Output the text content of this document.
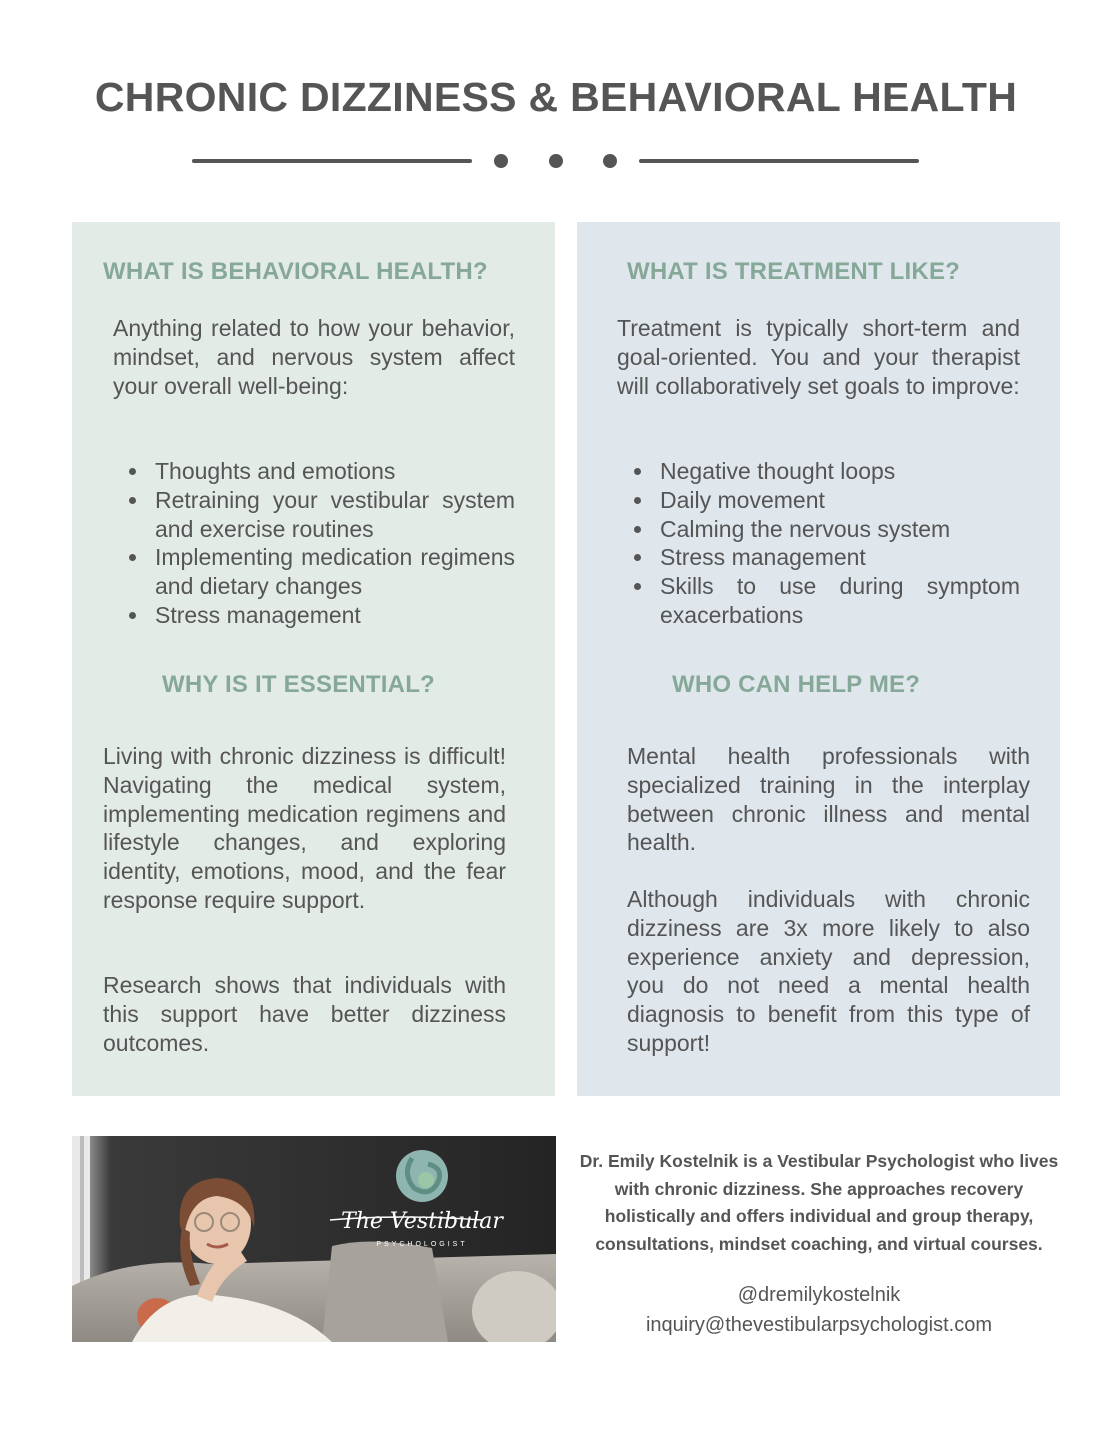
CHRONIC DIZZINESS & BEHAVIORAL HEALTH
WHAT IS BEHAVIORAL HEALTH?

Anything related to how your behavior, mindset, and nervous system affect your overall well-being:

Thoughts and emotions
Retraining your vestibular system and exercise routines
Implementing medication regimens and dietary changes
Stress management
WHY IS IT ESSENTIAL?

Living with chronic dizziness is difficult! Navigating the medical system, implementing medication regimens and lifestyle changes, and exploring identity, emotions, mood, and the fear response require support.

Research shows that individuals with this support have better dizziness outcomes.

WHAT IS TREATMENT LIKE?

Treatment is typically short-term and goal-oriented. You and your therapist will collaboratively set goals to improve:

Negative thought loops
Daily movement
Calming the nervous system
Stress management
Skills to use during symptom exacerbations
WHO CAN HELP ME?

Mental health professionals with specialized training in the interplay between chronic illness and mental health.

Although individuals with chronic dizziness are 3x more likely to also experience anxiety and depression, you do not need a mental health diagnosis to benefit from this type of support!

The Vestibular
PSYCHOLOGIST

Dr. Emily Kostelnik is a Vestibular Psychologist who lives with chronic dizziness. She approaches recovery holistically and offers individual and group therapy, consultations, mindset coaching, and virtual courses.

@dremilykostelnik

inquiry@thevestibularpsychologist.com
